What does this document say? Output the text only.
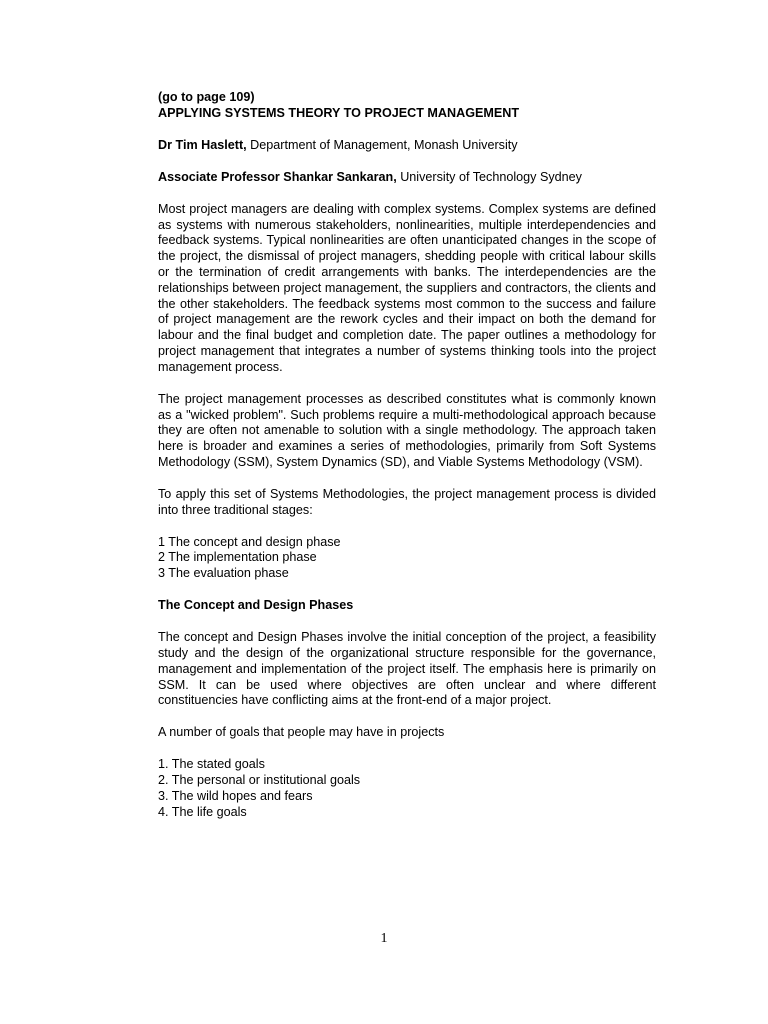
(go to page 109)
APPLYING SYSTEMS THEORY TO PROJECT MANAGEMENT
Dr Tim Haslett, Department of Management, Monash University
Associate Professor Shankar Sankaran, University of Technology Sydney

Most project managers are dealing with complex systems. Complex systems are defined as systems with numerous stakeholders, nonlinearities, multiple interdependencies and feedback systems. Typical nonlinearities are often unanticipated changes in the scope of the project, the dismissal of project managers, shedding people with critical labour skills or the termination of credit arrangements with banks. The interdependencies are the relationships between project management, the suppliers and contractors, the clients and the other stakeholders. The feedback systems most common to the success and failure of project management are the rework cycles and their impact on both the demand for labour and the final budget and completion date. The paper outlines a methodology for project management that integrates a number of systems thinking tools into the project management process.

The project management processes as described constitutes what is commonly known as a "wicked problem". Such problems require a multi-methodological approach because they are often not amenable to solution with a single methodology. The approach taken here is broader and examines a series of methodologies, primarily from Soft Systems Methodology (SSM), System Dynamics (SD), and Viable Systems Methodology (VSM).

To apply this set of Systems Methodologies, the project management process is divided into three traditional stages:

1 The concept and design phase
2 The implementation phase
3 The evaluation phase
The Concept and Design Phases

The concept and Design Phases involve the initial conception of the project, a feasibility study and the design of the organizational structure responsible for the governance, management and implementation of the project itself. The emphasis here is primarily on SSM. It can be used where objectives are often unclear and where different constituencies have conflicting aims at the front-end of a major project.

A number of goals that people may have in projects

1. The stated goals
2. The personal or institutional goals
3. The wild hopes and fears
4. The life goals
1
